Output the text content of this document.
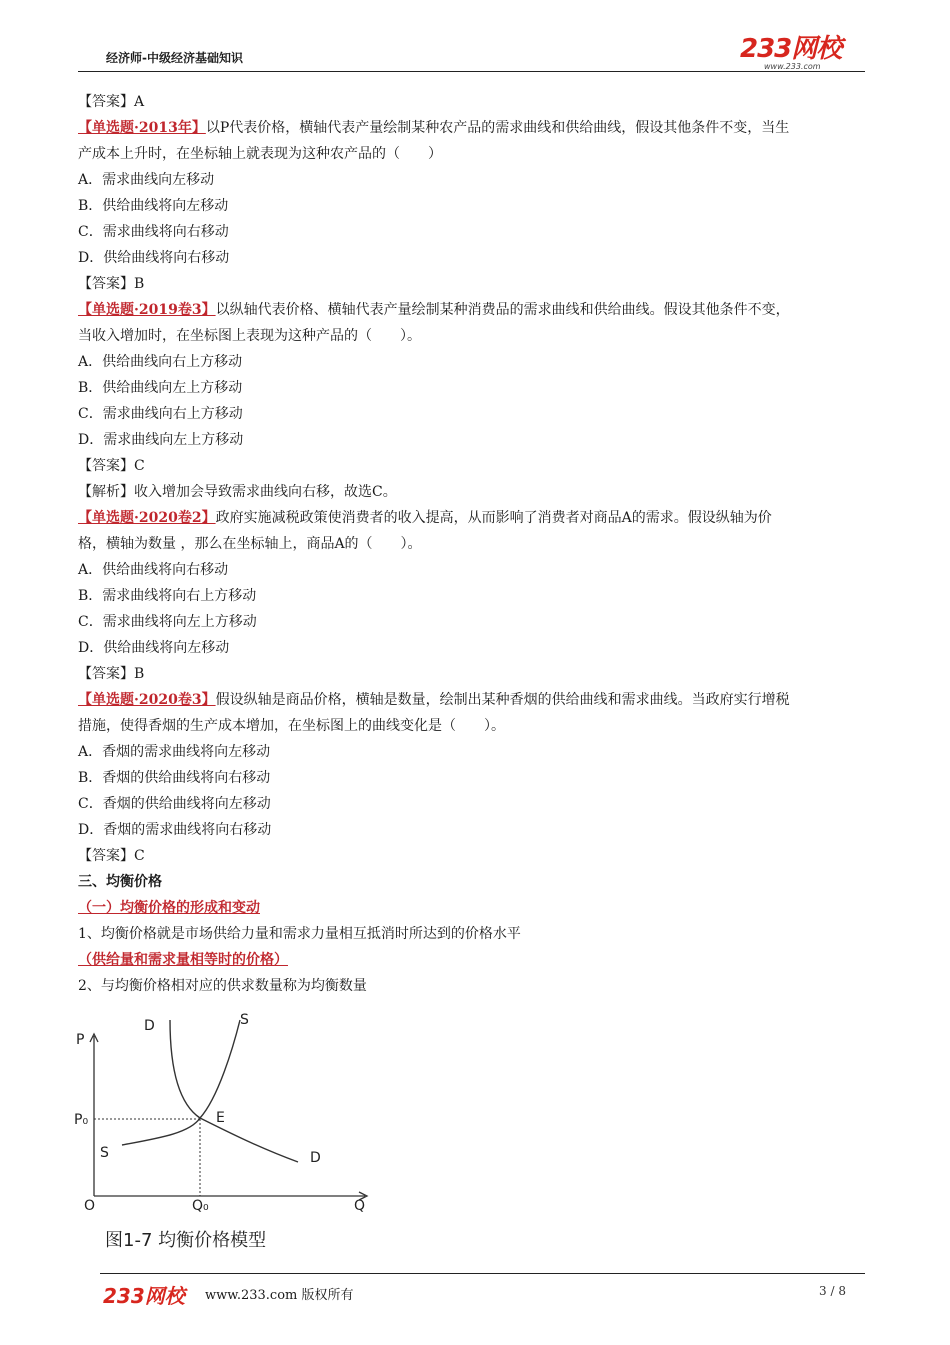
经济师-中级经济基础知识	233网校
www.233.com
【答案】A
【单选题·2013年】以P代表价格，横轴代表产量绘制某种农产品的需求曲线和供给曲线，假设其他条件不变，当生
产成本上升时，在坐标轴上就表现为这种农产品的（　　）
A．需求曲线向左移动
B．供给曲线将向左移动
C．需求曲线将向右移动
D．供给曲线将向右移动
【答案】B
【单选题·2019卷3】以纵轴代表价格、横轴代表产量绘制某种消费品的需求曲线和供给曲线。假设其他条件不变，
当收入增加时，在坐标图上表现为这种产品的（　　）。
A．供给曲线向右上方移动
B．供给曲线向左上方移动
C．需求曲线向右上方移动
D．需求曲线向左上方移动
【答案】C
【解析】收入增加会导致需求曲线向右移，故选C。
【单选题·2020卷2】政府实施减税政策使消费者的收入提高，从而影响了消费者对商品A的需求。假设纵轴为价
格，横轴为数量 ，那么在坐标轴上，商品A的（　　）。
A．供给曲线将向右移动
B．需求曲线将向右上方移动
C．需求曲线将向左上方移动
D．供给曲线将向左移动
【答案】B
【单选题·2020卷3】假设纵轴是商品价格，横轴是数量，绘制出某种香烟的供给曲线和需求曲线。当政府实行增税
措施，使得香烟的生产成本增加，在坐标图上的曲线变化是（　　）。
A．香烟的需求曲线将向左移动
B．香烟的供给曲线将向右移动
C．香烟的供给曲线将向左移动
D．香烟的需求曲线将向右移动
【答案】C
三、均衡价格
（一）均衡价格的形成和变动
1、均衡价格就是市场供给力量和需求力量相互抵消时所达到的价格水平
（供给量和需求量相等时的价格）
2、与均衡价格相对应的供求数量称为均衡数量
P
D	S
P₀	E
S	D
O	Q₀	Q
图1-7 均衡价格模型
233网校 www.233.com 版权所有	3 / 8
